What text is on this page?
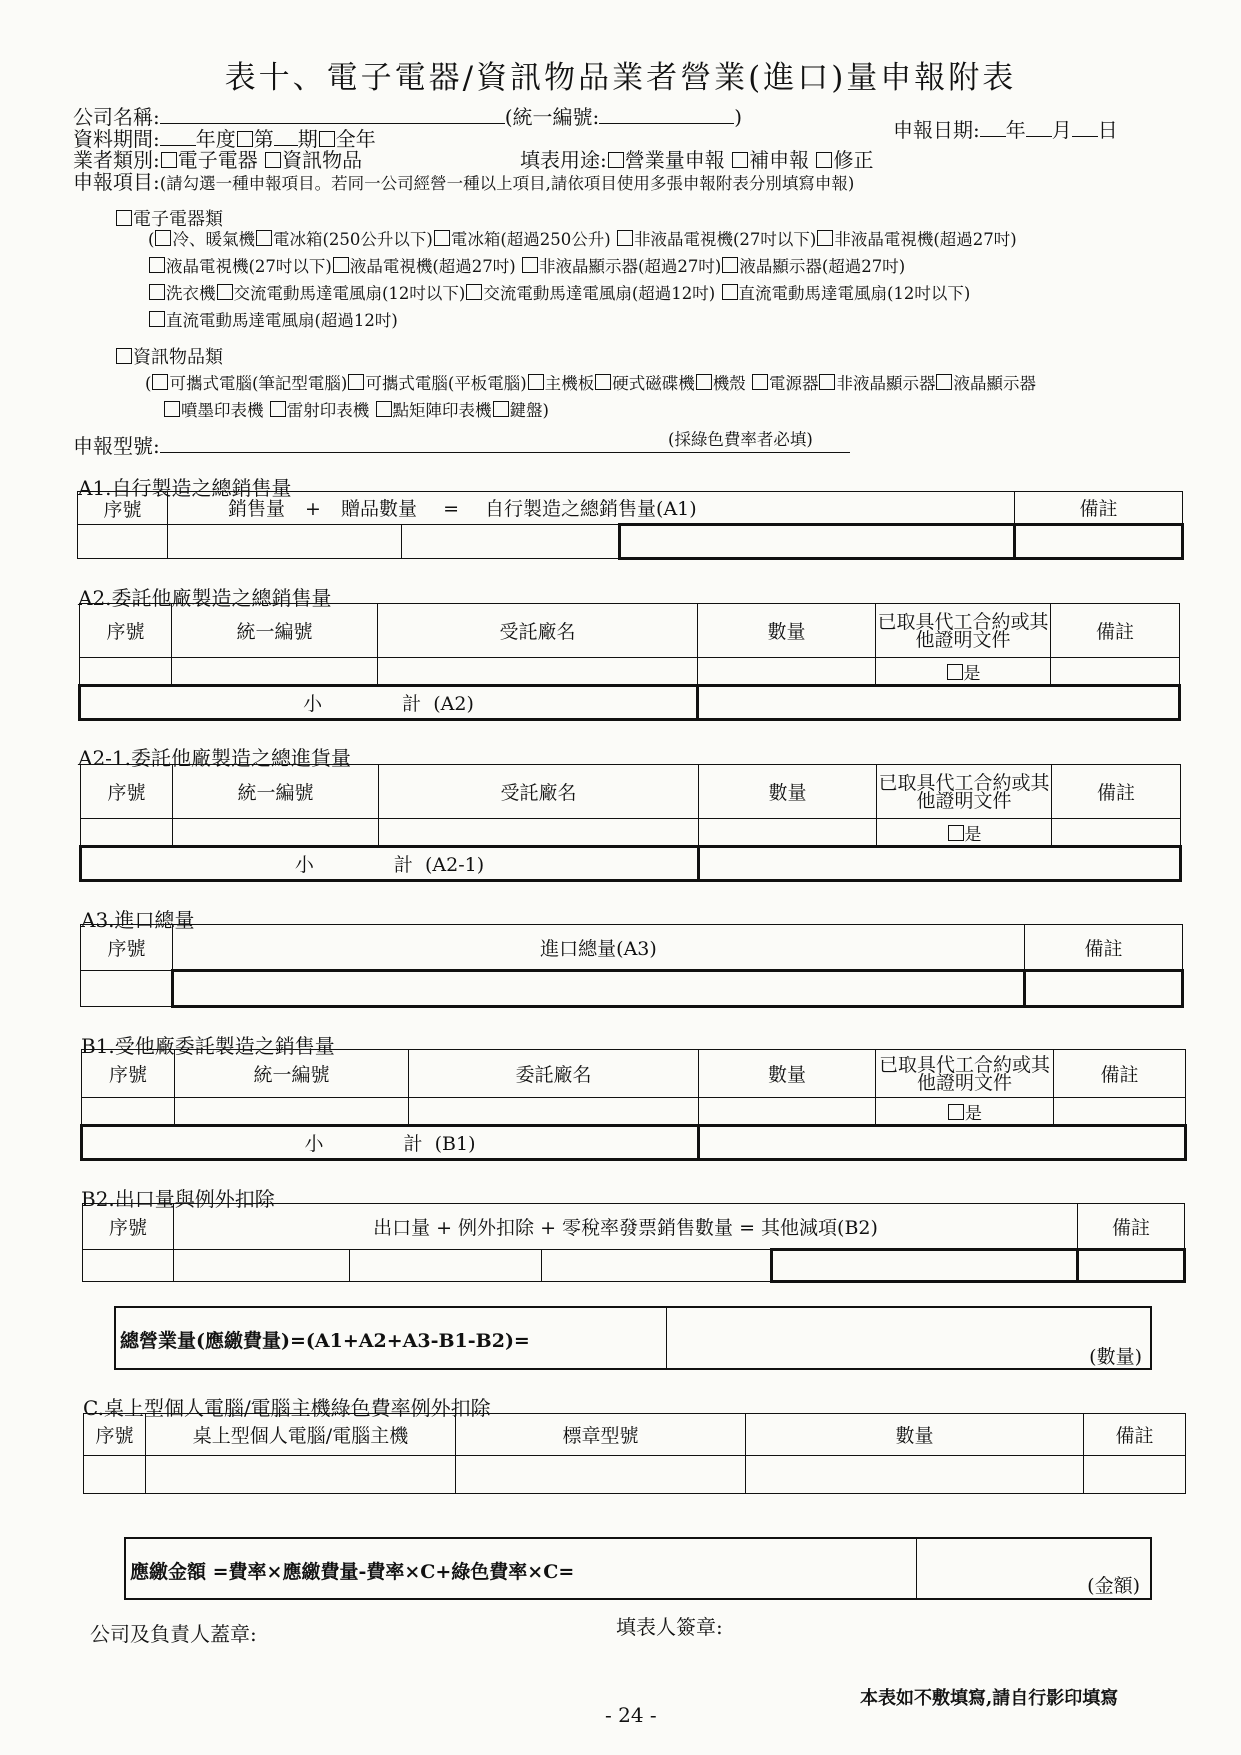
表十、電子電器/資訊物品業者營業(進口)量申報附表
公司名稱:	(統一編號:	)
資料期間: 年度 第 期 全年	申報日期: 年 月 日
業者類別: 電子電器 資訊物品	填表用途: 營業量申報 補申報 修正
申報項目:(請勾選一種申報項目。若同一公司經營一種以上項目,請依項目使用多張申報附表分別填寫申報)
電子電器類
( 冷、暖氣機 電冰箱(250公升以下) 電冰箱(超過250公升) 非液晶電視機(27吋以下) 非液晶電視機(超過27吋)
液晶電視機(27吋以下) 液晶電視機(超過27吋) 非液晶顯示器(超過27吋) 液晶顯示器(超過27吋)
洗衣機 交流電動馬達電風扇(12吋以下) 交流電動馬達電風扇(超過12吋) 直流電動馬達電風扇(12吋以下)
直流電動馬達電風扇(超過12吋)
資訊物品類
( 可攜式電腦(筆記型電腦) 可攜式電腦(平板電腦) 主機板 硬式磁碟機 機殼 電源器 非液晶顯示器 液晶顯示器
噴墨印表機 雷射印表機 點矩陣印表機 鍵盤)
申報型號:	(採綠色費率者必填)
A1.自行製造之總銷售量
序號	銷售量 + 贈品數量 = 自行製造之總銷售量(A1)			備註

A2.委託他廠製造之總銷售量
序號	統一編號	受託廠名	數量	已取具代工合約或其他證明文件	備註
				是	
小 計 (A2)					
A2-1.委託他廠製造之總進貨量
序號	統一編號	受託廠名	數量	已取具代工合約或其他證明文件	備註
				是	
小 計 (A2-1)					
A3.進口總量
序號	進口總量(A3)	備註

B1.受他廠委託製造之銷售量
序號	統一編號	委託廠名	數量	已取具代工合約或其他證明文件	備註
				是	
小 計 (B1)					
B2.出口量與例外扣除
序號	出口量 + 例外扣除 + 零稅率發票銷售數量 = 其他減項(B2)				備註

總營業量(應繳費量)=(A1+A2+A3-B1-B2)=
(數量)
C.桌上型個人電腦/電腦主機綠色費率例外扣除
序號	桌上型個人電腦/電腦主機	標章型號	數量	備註

應繳金額 =費率×應繳費量-費率×C+綠色費率×C=
(金額)
公司及負責人蓋章:	填表人簽章:
- 24 -
本表如不敷填寫,請自行影印填寫
